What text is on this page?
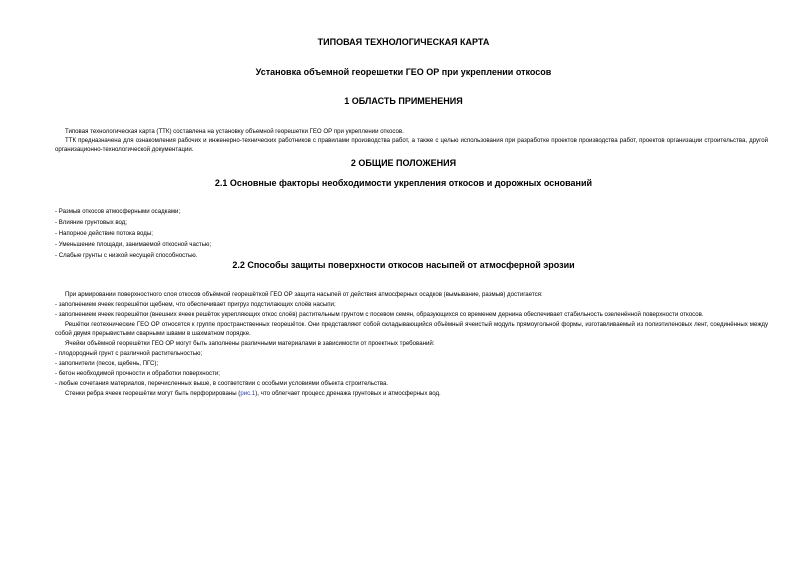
ТИПОВАЯ ТЕХНОЛОГИЧЕСКАЯ КАРТА
Установка объемной георешетки ГЕО ОР при укреплении откосов
1 ОБЛАСТЬ ПРИМЕНЕНИЯ

Типовая технологическая карта (ТТК) составлена на установку объемной георешетки ГЕО ОР при укреплении откосов.

ТТК предназначена для ознакомления рабочих и инженерно-технических работников с правилами производства работ, а также с целью использования при разработке проектов производства работ, проектов организации строительства, другой организационно-технологической документации.

2 ОБЩИЕ ПОЛОЖЕНИЯ
2.1 Основные факторы необходимости укрепления откосов и дорожных оснований

- Размыв откосов атмосферными осадками;

- Влияние грунтовых вод;

- Напорное действие потока воды;

- Уменьшение площади, занимаемой откосной частью;

- Слабые грунты с низкой несущей способностью.

2.2 Способы защиты поверхности откосов насыпей от атмосферной эрозии

При армировании поверхностного слоя откосов объёмной георешёткой ГЕО ОР защита насыпей от действия атмосферных осадков (вымывание, размыв) достигается:

- заполнением ячеек георешётки щебнем, что обеспечивает пригруз подстилающих слоёв насыпи;

- заполнением ячеек георешётки (внешних ячеек решёток укрепляющих откос слоёв) растительным грунтом с посевом семян, образующихся со временем дернина обеспечивает стабильность озеленённой поверхности откосов.

Решётки геотехнические ГЕО ОР относятся к группе пространственных георешёток. Они представляют собой складывающийся объёмный ячеистый модуль прямоугольной формы, изготавливаемый из полиэтиленовых лент, соединённых между собой двумя прерывистыми сварными швами в шахматном порядке.

Ячейки объёмной георешётки ГЕО ОР могут быть заполнены различными материалами в зависимости от проектных требований:

- плодородный грунт с различной растительностью;

- заполнители (песок, щебень, ПГС);

- бетон необходимой прочности и обработки поверхности;

- любые сочетания материалов, перечисленных выше, в соответствии с особыми условиями объекта строительства.

Стенки ребра ячеек георешётки могут быть перфорированы (рис.1), что облегчает процесс дренажа грунтовых и атмосферных вод.
